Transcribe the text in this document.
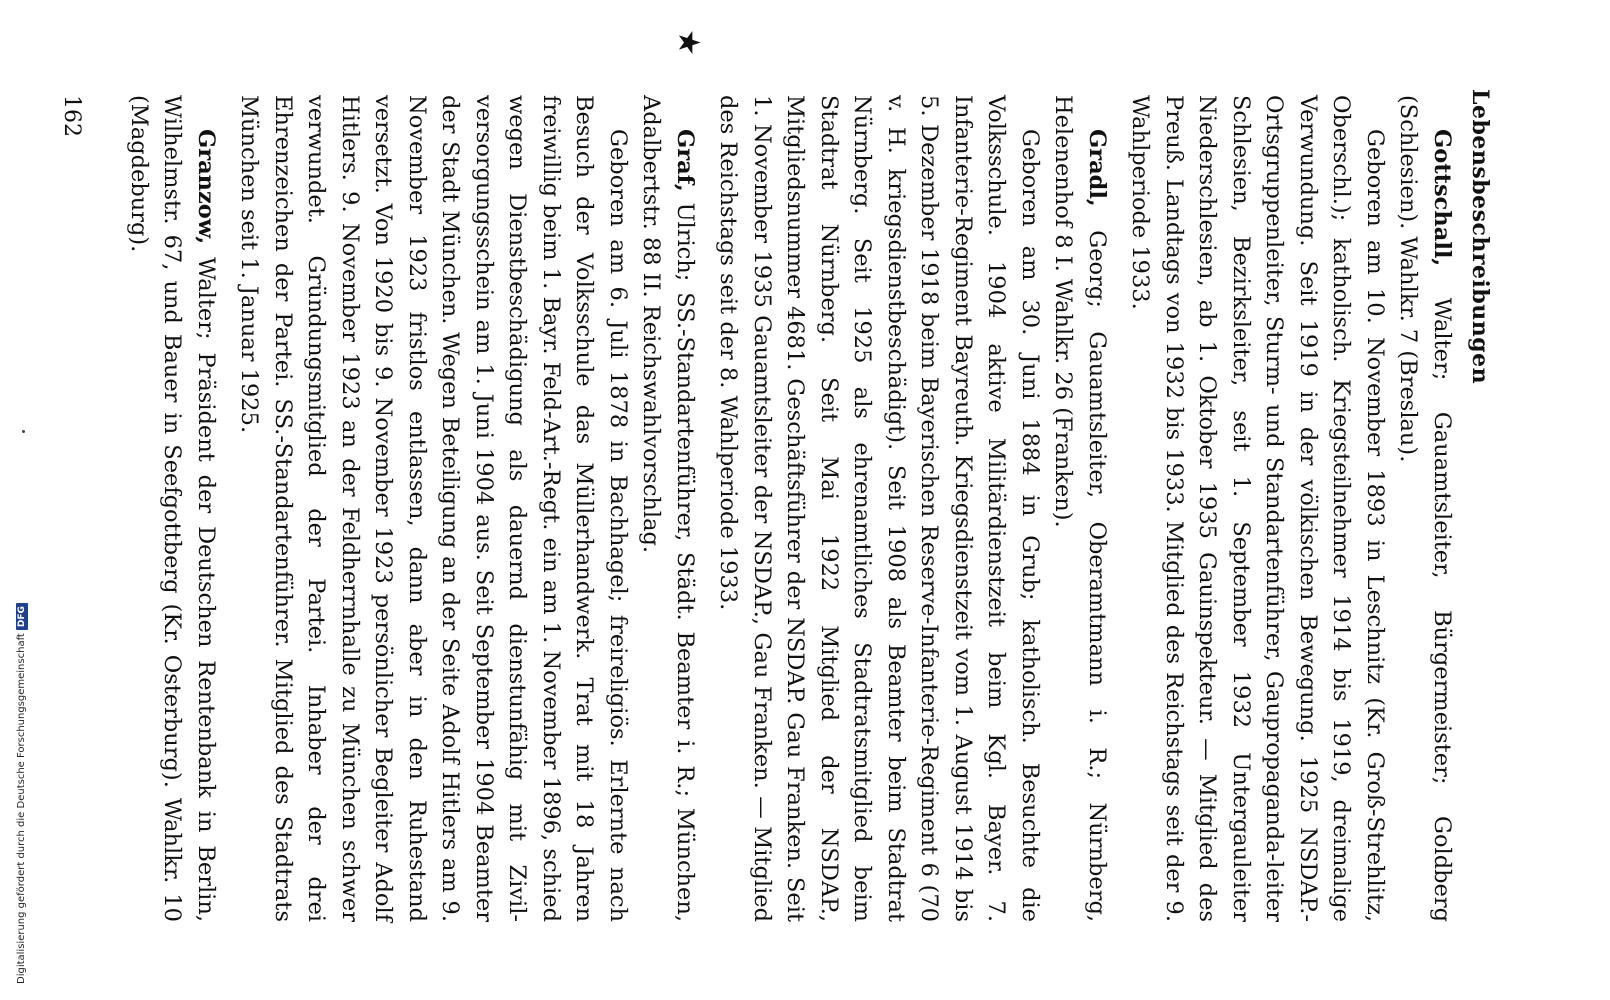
Lebensbeschreibungen
Gottschall, Walter; Gauamtsleiter, Bürgermeister; Goldberg (Schlesien). Wahlkr. 7 (Breslau).

Geboren am 10. November 1893 in Leschnitz (Kr. Groß-Strehlitz, Oberschl.); katholisch. Kriegsteilnehmer 1914 bis 1919, dreimalige Verwundung. Seit 1919 in der völkischen Bewegung. 1925 NSDAP.-Ortsgruppenleiter, Sturm- und Standartenführer, Gaupropaganda-leiter Schlesien, Bezirksleiter, seit 1. September 1932 Untergauleiter Niederschlesien, ab 1. Oktober 1935 Gauinspekteur. — Mitglied des Preuß. Landtags von 1932 bis 1933. Mitglied des Reichstags seit der 9. Wahlperiode 1933.

Gradl, Georg; Gauamtsleiter, Oberamtmann i. R.; Nürnberg, Helenenhof 8 I. Wahlkr. 26 (Franken).

Geboren am 30. Juni 1884 in Grub; katholisch. Besuchte die Volksschule. 1904 aktive Militärdienstzeit beim Kgl. Bayer. 7. Infanterie-Regiment Bayreuth. Kriegsdienstzeit vom 1. August 1914 bis 5. Dezember 1918 beim Bayerischen Reserve-Infanterie-Regiment 6 (70 v. H. kriegsdienstbeschädigt). Seit 1908 als Beamter beim Stadtrat Nürnberg. Seit 1925 als ehrenamtliches Stadtratsmitglied beim Stadtrat Nürnberg. Seit Mai 1922 Mitglied der NSDAP., Mitgliedsnummer 4681. Geschäftsführer der NSDAP. Gau Franken. Seit 1. November 1935 Gauamtsleiter der NSDAP., Gau Franken. — Mitglied des Reichstags seit der 8. Wahlperiode 1933.

★
Graf, Ulrich; SS.-Standartenführer, Städt. Beamter i. R.; München, Adalbertstr. 88 II. Reichswahlvorschlag.

Geboren am 6. Juli 1878 in Bachhagel; freireligiös. Erlernte nach Besuch der Volksschule das Müllerhandwerk. Trat mit 18 Jahren freiwillig beim 1. Bayr. Feld-Art.-Regt. ein am 1. November 1896, schied wegen Dienstbeschädigung als dauernd dienstunfähig mit Zivil-versorgungsschein am 1. Juni 1904 aus. Seit September 1904 Beamter der Stadt München. Wegen Beteiligung an der Seite Adolf Hitlers am 9. November 1923 fristlos entlassen, dann aber in den Ruhestand versetzt. Von 1920 bis 9. November 1923 persönlicher Begleiter Adolf Hitlers. 9. November 1923 an der Feldherrnhalle zu München schwer verwundet. Gründungsmitglied der Partei. Inhaber der drei Ehrenzeichen der Partei. SS.-Standartenführer. Mitglied des Stadtrats München seit 1. Januar 1925.

Granzow, Walter; Präsident der Deutschen Rentenbank in Berlin, Wilhelmstr. 67, und Bauer in Seefgottberg (Kr. Osterburg). Wahlkr. 10 (Magdeburg).
162
Digitalisierung gefördert durch die Deutsche Forschungsgemeinschaft
DFG
